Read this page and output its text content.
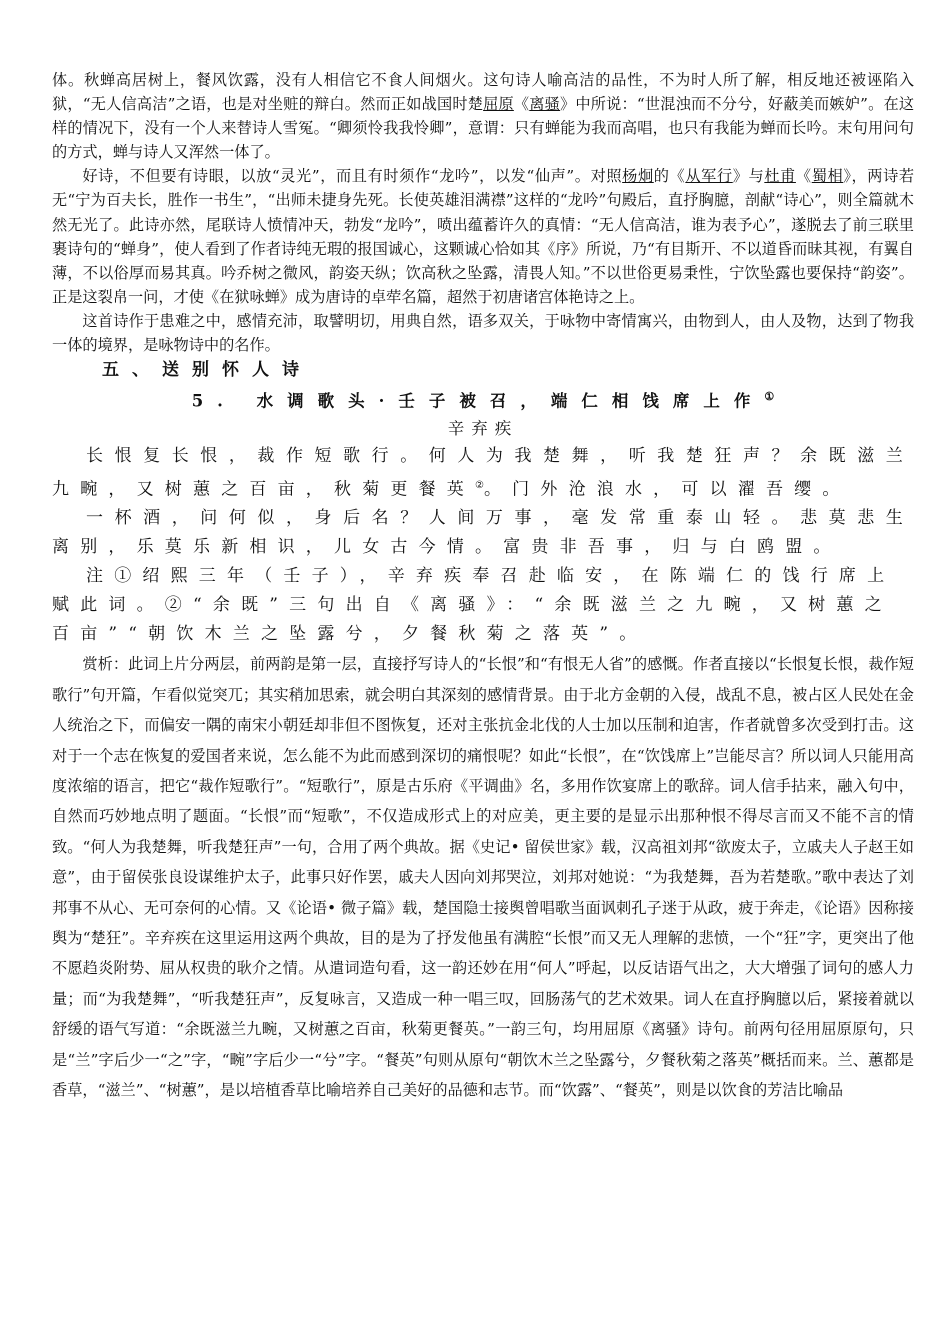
体。秋蝉高居树上，餐风饮露，没有人相信它不食人间烟火。这句诗人喻高洁的品性，不为时人所了解，相反地还被诬陷入狱，“无人信高洁”之语，也是对坐赃的辩白。然而正如战国时楚屈原《离骚》中所说：“世混浊而不分兮，好蔽美而嫉妒”。在这样的情况下，没有一个人来替诗人雪冤。“卿须怜我我怜卿”，意谓：只有蝉能为我而高唱，也只有我能为蝉而长吟。末句用问句的方式，蝉与诗人又浑然一体了。

好诗，不但要有诗眼，以放“灵光”，而且有时须作“龙吟”，以发“仙声”。对照杨炯的《从军行》与杜甫《蜀相》，两诗若无“宁为百夫长，胜作一书生”，“出师未捷身先死。长使英雄泪满襟”这样的“龙吟”句殿后，直抒胸臆，剖献“诗心”，则全篇就木然无光了。此诗亦然，尾联诗人愤情冲天，勃发“龙吟”，喷出蕴蓄许久的真情：“无人信高洁，谁为表予心”，遂脱去了前三联里裹诗句的“蝉身”，使人看到了作者诗纯无瑕的报国诚心，这颗诚心恰如其《序》所说，乃“有目斯开、不以道昏而昧其视，有翼自薄，不以俗厚而易其真。吟乔树之微风，韵姿天纵；饮高秋之坠露，清畏人知。”不以世俗更易秉性，宁饮坠露也要保持“韵姿”。正是这裂帛一问，才使《在狱咏蝉》成为唐诗的卓荦名篇，超然于初唐诸宫体艳诗之上。

这首诗作于患难之中，感情充沛，取譬明切，用典自然，语多双关，于咏物中寄情寓兴，由物到人，由人及物，达到了物我一体的境界，是咏物诗中的名作。

五、送别怀人诗
5. 水调歌头·壬子被召，端仁相饯席上作①

辛弃疾

长恨复长恨，裁作短歌行。何人为我楚舞，听我楚狂声？余既滋兰九畹，又树蕙之百亩，秋菊更餐英②。门外沧浪水，可以濯吾缨。

一杯酒，问何似，身后名？人间万事，毫发常重泰山轻。悲莫悲生离别，乐莫乐新相识，儿女古今情。富贵非吾事，归与白鸥盟。

注①绍熙三年（壬子），辛弃疾奉召赴临安，在陈端仁的饯行席上赋此词。②“余既”三句出自《离骚》：“余既滋兰之九畹，又树蕙之百亩”“朝饮木兰之坠露兮，夕餐秋菊之落英”。

赏析：此词上片分两层，前两韵是第一层，直接抒写诗人的“长恨”和“有恨无人省”的感慨。作者直接以“长恨复长恨，裁作短歌行”句开篇，乍看似觉突兀；其实稍加思索，就会明白其深刻的感情背景。由于北方金朝的入侵，战乱不息，被占区人民处在金人统治之下，而偏安一隅的南宋小朝廷却非但不图恢复，还对主张抗金北伐的人士加以压制和迫害，作者就曾多次受到打击。这对于一个志在恢复的爱国者来说，怎么能不为此而感到深切的痛恨呢？如此“长恨”，在“饮饯席上”岂能尽言？所以词人只能用高度浓缩的语言，把它“裁作短歌行”。“短歌行”，原是古乐府《平调曲》名，多用作饮宴席上的歌辞。词人信手拈来，融入句中，自然而巧妙地点明了题面。“长恨”而“短歌”，不仅造成形式上的对应美，更主要的是显示出那种恨不得尽言而又不能不言的情致。“何人为我楚舞，听我楚狂声”一句，合用了两个典故。据《史记• 留侯世家》载，汉高祖刘邦“欲废太子，立戚夫人子赵王如意”，由于留侯张良设谋维护太子，此事只好作罢，戚夫人因向刘邦哭泣，刘邦对她说：“为我楚舞，吾为若楚歌。”歌中表达了刘邦事不从心、无可奈何的心情。又《论语• 微子篇》载，楚国隐士接舆曾唱歌当面讽刺孔子迷于从政，疲于奔走，《论语》因称接舆为“楚狂”。辛弃疾在这里运用这两个典故，目的是为了抒发他虽有满腔“长恨”而又无人理解的悲愤，一个“狂”字，更突出了他不愿趋炎附势、屈从权贵的耿介之情。从遣词造句看，这一韵还妙在用“何人”呼起，以反诘语气出之，大大增强了词句的感人力量；而“为我楚舞”，“听我楚狂声”，反复咏言，又造成一种一唱三叹，回肠荡气的艺术效果。词人在直抒胸臆以后，紧接着就以舒缓的语气写道：“余既滋兰九畹，又树蕙之百亩，秋菊更餐英。”一韵三句，均用屈原《离骚》诗句。前两句径用屈原原句，只是“兰”字后少一“之”字，“畹”字后少一“兮”字。“餐英”句则从原句“朝饮木兰之坠露兮，夕餐秋菊之落英”概括而来。兰、蕙都是香草，“滋兰”、“树蕙”，是以培植香草比喻培养自己美好的品德和志节。而“饮露”、“餐英”，则是以饮食的芳洁比喻品
